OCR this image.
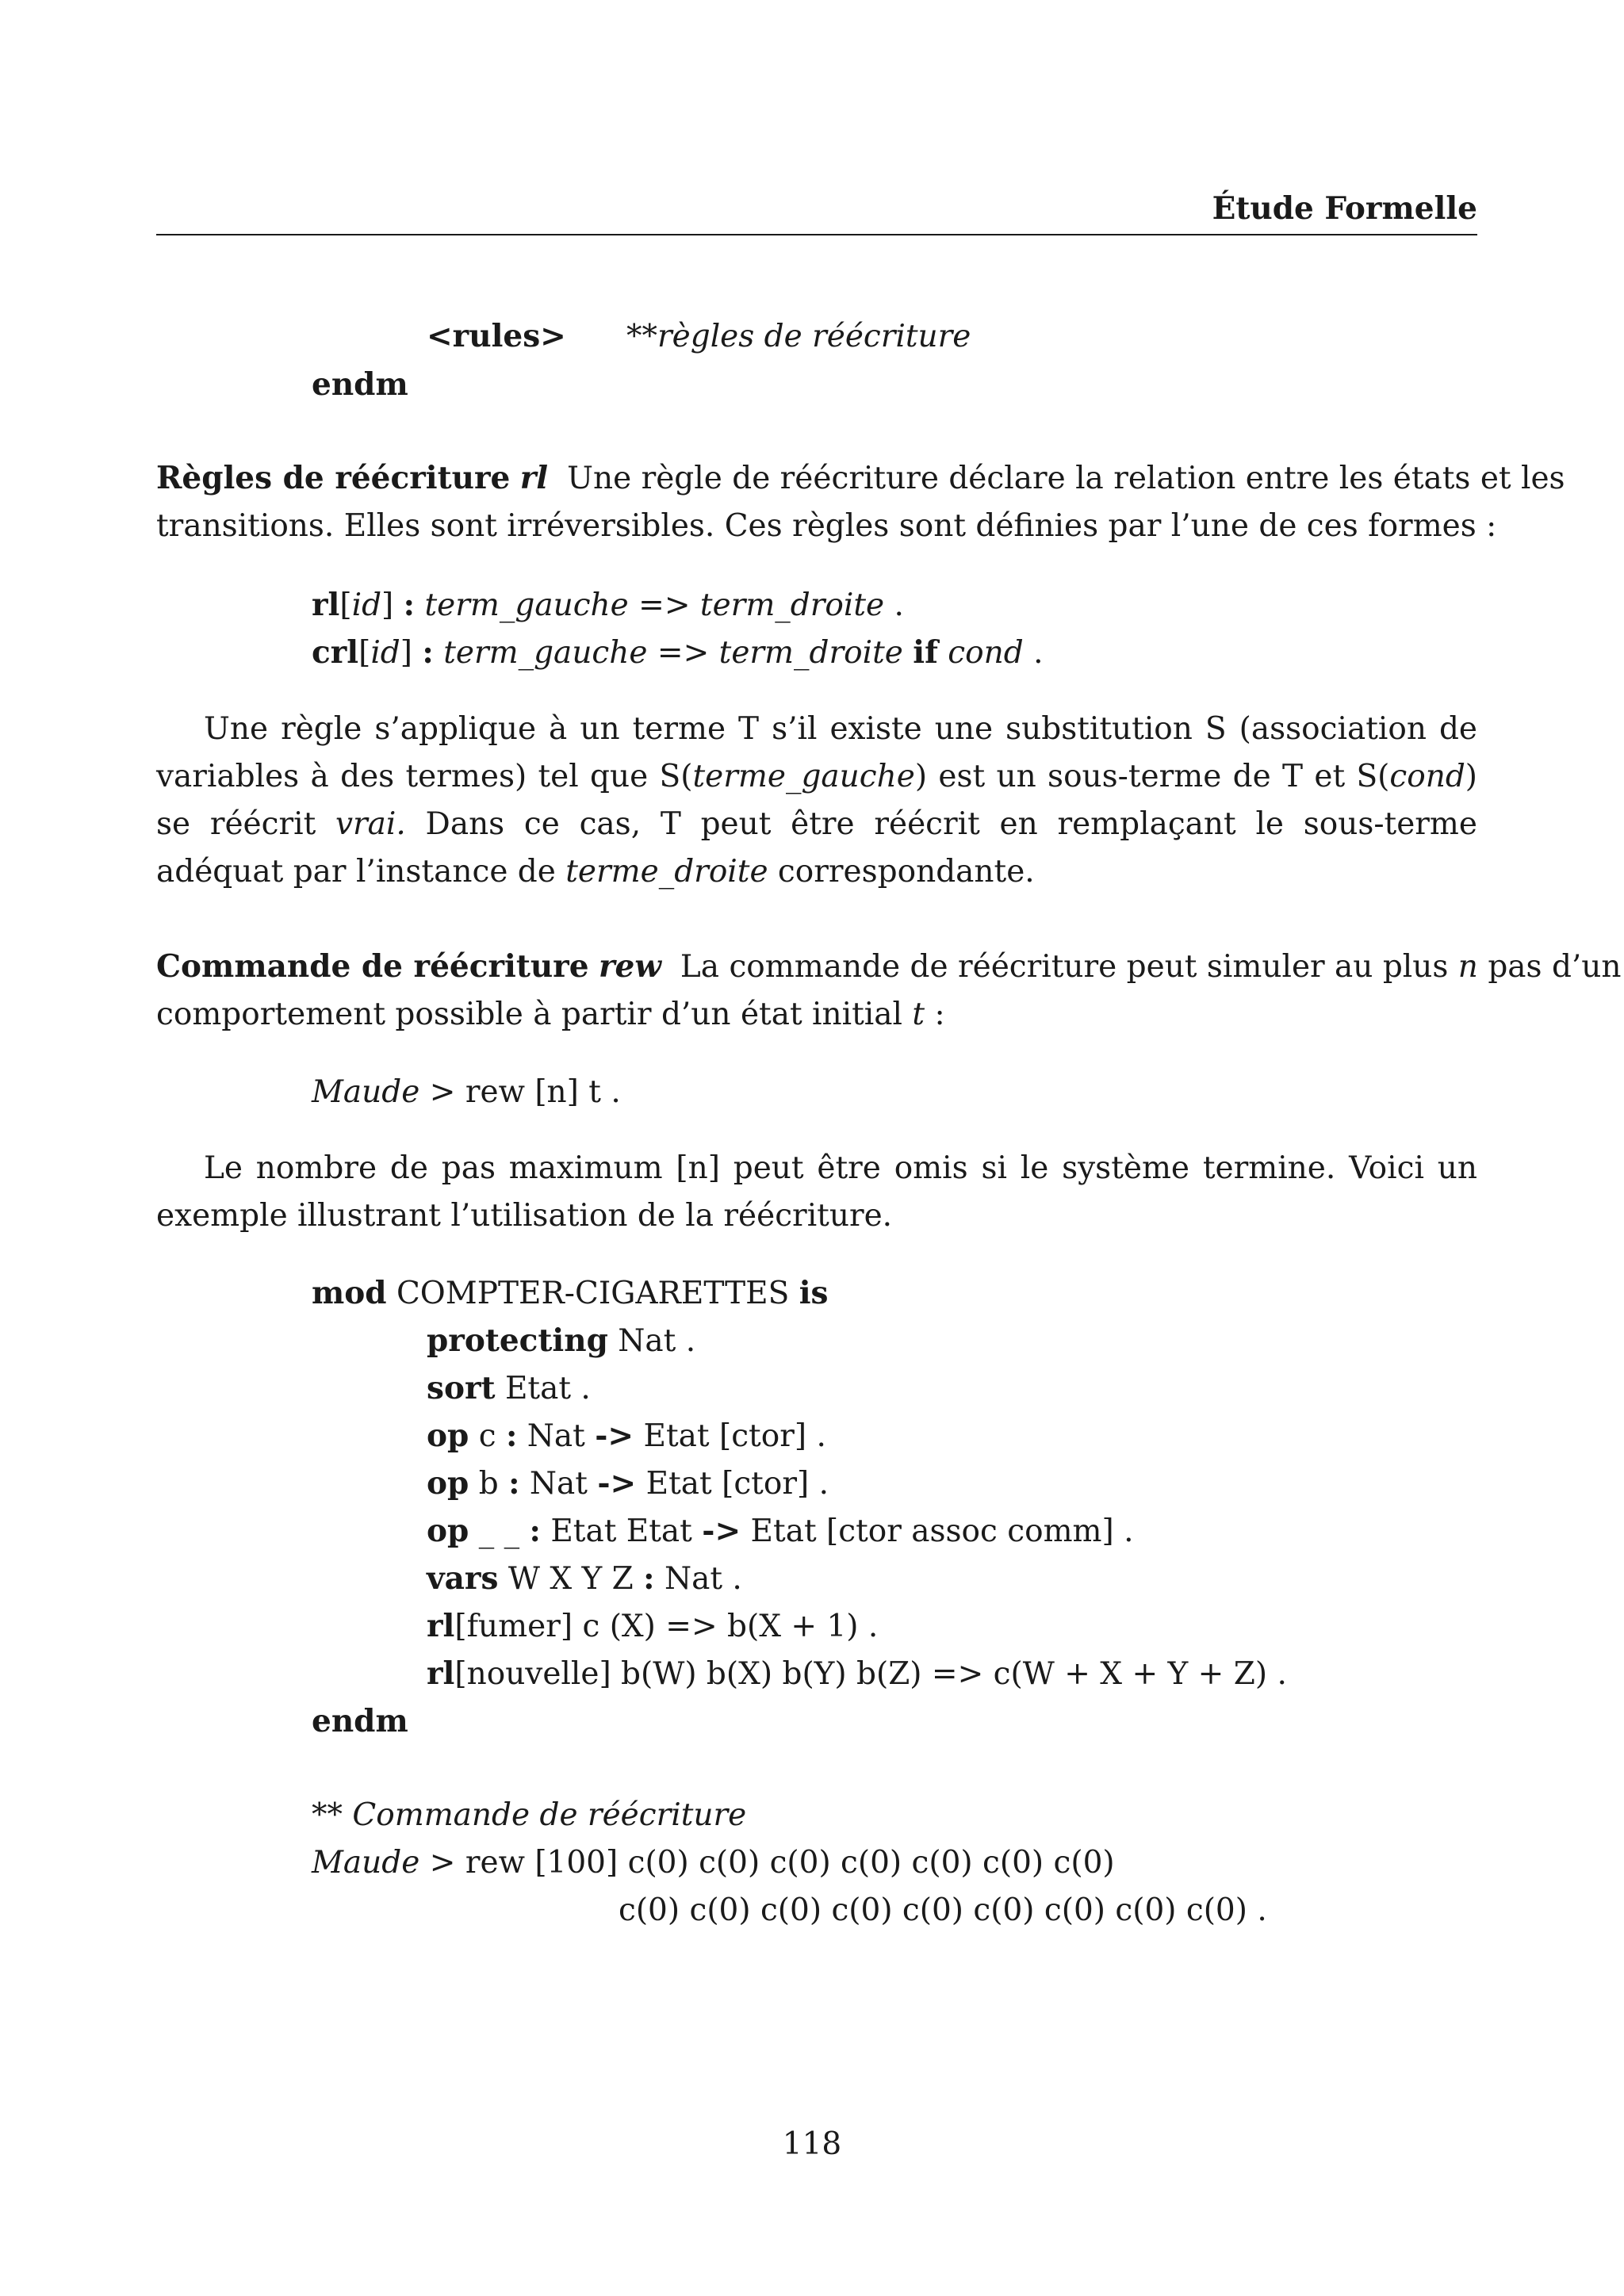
Étude Formelle
<rules> **règles de réécriture
endm
Règles de réécriture rl Une règle de réécriture déclare la relation entre les états et les
transitions. Elles sont irréversibles. Ces règles sont définies par l’une de ces formes :
rl[id] : term_gauche => term_droite .
crl[id] : term_gauche => term_droite if cond .
Une règle s’applique à un terme T s’il existe une substitution S (association de variables à des termes) tel que S(terme_gauche) est un sous-terme de T et S(cond) se réécrit vrai. Dans ce cas, T peut être réécrit en remplaçant le sous-terme adéquat par l’instance de terme_droite correspondante.
Commande de réécriture rew La commande de réécriture peut simuler au plus n pas d’un
comportement possible à partir d’un état initial t :
Maude > rew [n] t .
Le nombre de pas maximum [n] peut être omis si le système termine. Voici un exemple illustrant l’utilisation de la réécriture.
mod COMPTER-CIGARETTES is
protecting Nat .
sort Etat .
op c : Nat -> Etat [ctor] .
op b : Nat -> Etat [ctor] .
op _ _ : Etat Etat -> Etat [ctor assoc comm] .
vars W X Y Z : Nat .
rl[fumer] c (X) => b(X + 1) .
rl[nouvelle] b(W) b(X) b(Y) b(Z) => c(W + X + Y + Z) .
endm
** Commande de réécriture
Maude > rew [100] c(0) c(0) c(0) c(0) c(0) c(0) c(0)
c(0) c(0) c(0) c(0) c(0) c(0) c(0) c(0) c(0) .
118
